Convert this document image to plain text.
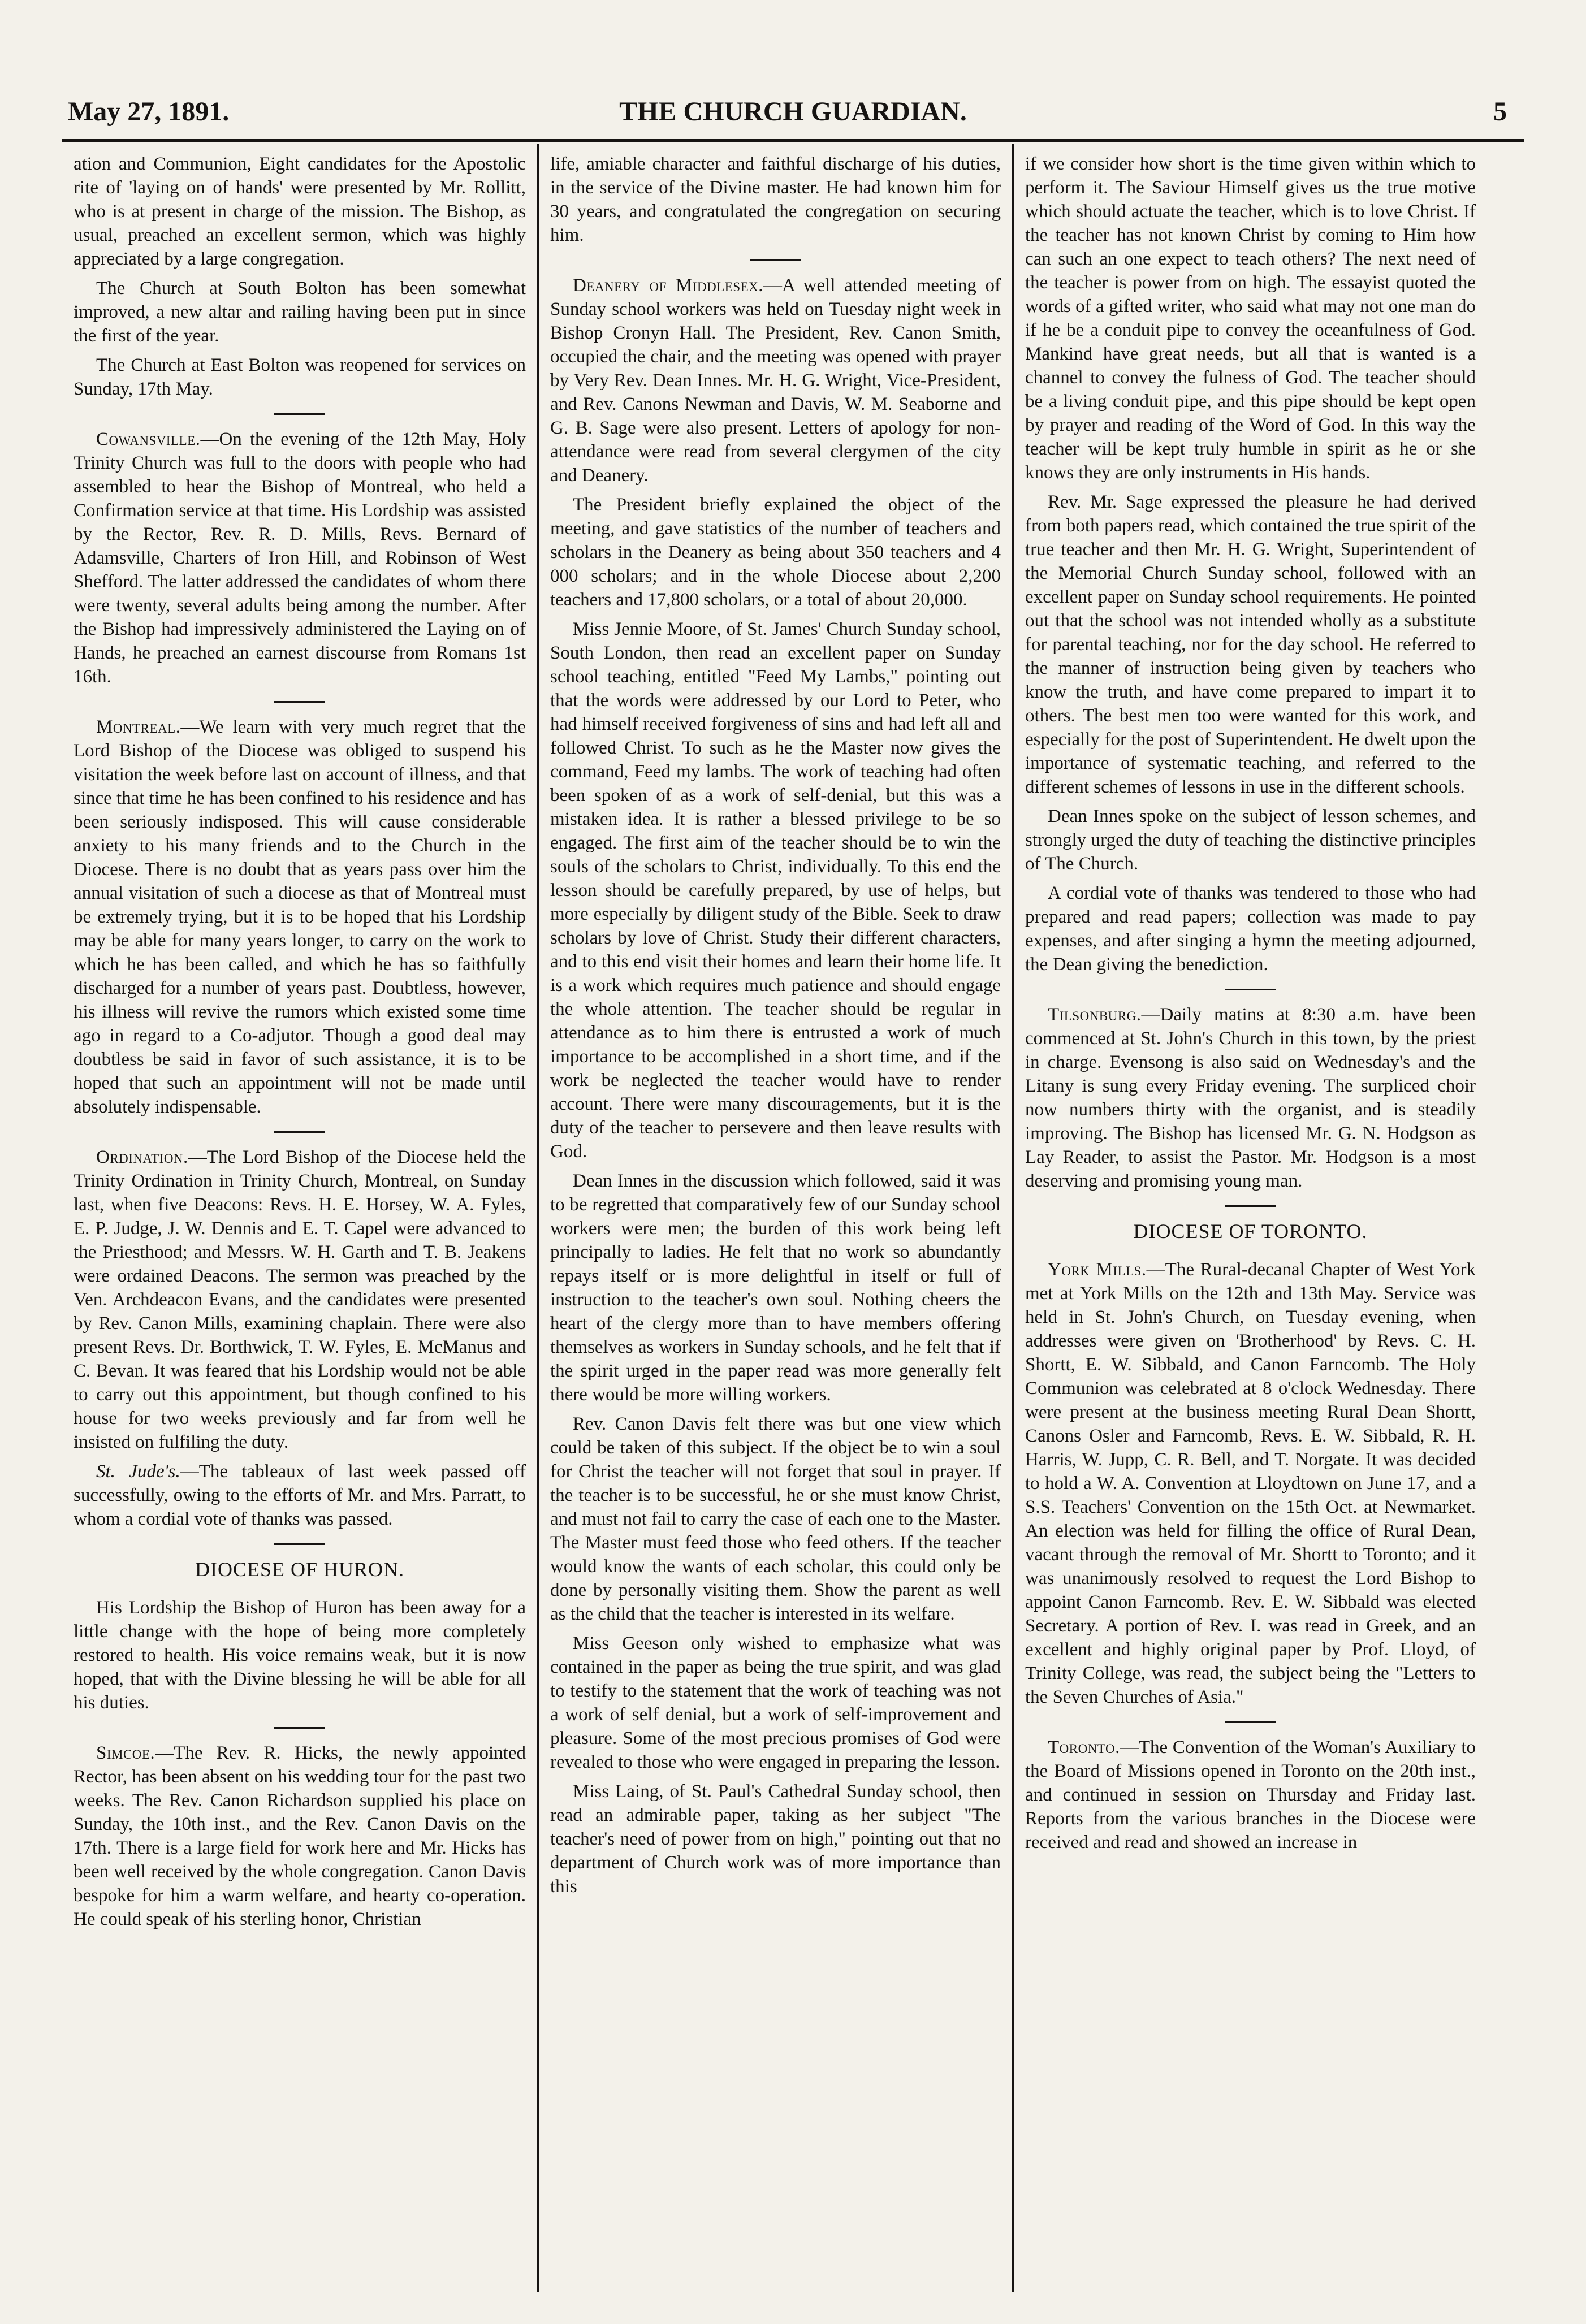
May 27, 1891.	THE CHURCH GUARDIAN.	5

ation and Communion, Eight candidates for the Apostolic rite of 'laying on of hands' were presented by Mr. Rollitt, who is at present in charge of the mission. The Bishop, as usual, preached an excellent sermon, which was highly appreciated by a large congregation.

The Church at South Bolton has been somewhat improved, a new altar and railing having been put in since the first of the year.

The Church at East Bolton was reopened for services on Sunday, 17th May.

Cowansville.—On the evening of the 12th May, Holy Trinity Church was full to the doors with people who had assembled to hear the Bishop of Montreal, who held a Confirmation service at that time. His Lordship was assisted by the Rector, Rev. R. D. Mills, Revs. Bernard of Adamsville, Charters of Iron Hill, and Robinson of West Shefford. The latter addressed the candidates of whom there were twenty, several adults being among the number. After the Bishop had impressively administered the Laying on of Hands, he preached an earnest discourse from Romans 1st 16th.

Montreal.—We learn with very much regret that the Lord Bishop of the Diocese was obliged to suspend his visitation the week before last on account of illness, and that since that time he has been confined to his residence and has been seriously indisposed. This will cause considerable anxiety to his many friends and to the Church in the Diocese. There is no doubt that as years pass over him the annual visitation of such a diocese as that of Montreal must be extremely trying, but it is to be hoped that his Lordship may be able for many years longer, to carry on the work to which he has been called, and which he has so faithfully discharged for a number of years past. Doubtless, however, his illness will revive the rumors which existed some time ago in regard to a Co-adjutor. Though a good deal may doubtless be said in favor of such assistance, it is to be hoped that such an appointment will not be made until absolutely indispensable.

Ordination.—The Lord Bishop of the Diocese held the Trinity Ordination in Trinity Church, Montreal, on Sunday last, when five Deacons: Revs. H. E. Horsey, W. A. Fyles, E. P. Judge, J. W. Dennis and E. T. Capel were advanced to the Priesthood; and Messrs. W. H. Garth and T. B. Jeakens were ordained Deacons. The sermon was preached by the Ven. Archdeacon Evans, and the candidates were presented by Rev. Canon Mills, examining chaplain. There were also present Revs. Dr. Borthwick, T. W. Fyles, E. McManus and C. Bevan. It was feared that his Lordship would not be able to carry out this appointment, but though confined to his house for two weeks previously and far from well he insisted on fulfiling the duty.

St. Jude's.—The tableaux of last week passed off successfully, owing to the efforts of Mr. and Mrs. Parratt, to whom a cordial vote of thanks was passed.

DIOCESE OF HURON.

His Lordship the Bishop of Huron has been away for a little change with the hope of being more completely restored to health. His voice remains weak, but it is now hoped, that with the Divine blessing he will be able for all his duties.

Simcoe.—The Rev. R. Hicks, the newly appointed Rector, has been absent on his wedding tour for the past two weeks. The Rev. Canon Richardson supplied his place on Sunday, the 10th inst., and the Rev. Canon Davis on the 17th. There is a large field for work here and Mr. Hicks has been well received by the whole congregation. Canon Davis bespoke for him a warm welfare, and hearty co-operation. He could speak of his sterling honor, Christian

life, amiable character and faithful discharge of his duties, in the service of the Divine master. He had known him for 30 years, and congratulated the congregation on securing him.

Deanery of Middlesex.—A well attended meeting of Sunday school workers was held on Tuesday night week in Bishop Cronyn Hall. The President, Rev. Canon Smith, occupied the chair, and the meeting was opened with prayer by Very Rev. Dean Innes. Mr. H. G. Wright, Vice-President, and Rev. Canons Newman and Davis, W. M. Seaborne and G. B. Sage were also present. Letters of apology for non-attendance were read from several clergymen of the city and Deanery.

The President briefly explained the object of the meeting, and gave statistics of the number of teachers and scholars in the Deanery as being about 350 teachers and 4 000 scholars; and in the whole Diocese about 2,200 teachers and 17,800 scholars, or a total of about 20,000.

Miss Jennie Moore, of St. James' Church Sunday school, South London, then read an excellent paper on Sunday school teaching, entitled "Feed My Lambs," pointing out that the words were addressed by our Lord to Peter, who had himself received forgiveness of sins and had left all and followed Christ. To such as he the Master now gives the command, Feed my lambs. The work of teaching had often been spoken of as a work of self-denial, but this was a mistaken idea. It is rather a blessed privilege to be so engaged. The first aim of the teacher should be to win the souls of the scholars to Christ, individually. To this end the lesson should be carefully prepared, by use of helps, but more especially by diligent study of the Bible. Seek to draw scholars by love of Christ. Study their different characters, and to this end visit their homes and learn their home life. It is a work which requires much patience and should engage the whole attention. The teacher should be regular in attendance as to him there is entrusted a work of much importance to be accomplished in a short time, and if the work be neglected the teacher would have to render account. There were many discouragements, but it is the duty of the teacher to persevere and then leave results with God.

Dean Innes in the discussion which followed, said it was to be regretted that comparatively few of our Sunday school workers were men; the burden of this work being left principally to ladies. He felt that no work so abundantly repays itself or is more delightful in itself or full of instruction to the teacher's own soul. Nothing cheers the heart of the clergy more than to have members offering themselves as workers in Sunday schools, and he felt that if the spirit urged in the paper read was more generally felt there would be more willing workers.

Rev. Canon Davis felt there was but one view which could be taken of this subject. If the object be to win a soul for Christ the teacher will not forget that soul in prayer. If the teacher is to be successful, he or she must know Christ, and must not fail to carry the case of each one to the Master. The Master must feed those who feed others. If the teacher would know the wants of each scholar, this could only be done by personally visiting them. Show the parent as well as the child that the teacher is interested in its welfare.

Miss Geeson only wished to emphasize what was contained in the paper as being the true spirit, and was glad to testify to the statement that the work of teaching was not a work of self denial, but a work of self-improvement and pleasure. Some of the most precious promises of God were revealed to those who were engaged in preparing the lesson.

Miss Laing, of St. Paul's Cathedral Sunday school, then read an admirable paper, taking as her subject "The teacher's need of power from on high," pointing out that no department of Church work was of more importance than this

if we consider how short is the time given within which to perform it. The Saviour Himself gives us the true motive which should actuate the teacher, which is to love Christ. If the teacher has not known Christ by coming to Him how can such an one expect to teach others? The next need of the teacher is power from on high. The essayist quoted the words of a gifted writer, who said what may not one man do if he be a conduit pipe to convey the oceanfulness of God. Mankind have great needs, but all that is wanted is a channel to convey the fulness of God. The teacher should be a living conduit pipe, and this pipe should be kept open by prayer and reading of the Word of God. In this way the teacher will be kept truly humble in spirit as he or she knows they are only instruments in His hands.

Rev. Mr. Sage expressed the pleasure he had derived from both papers read, which contained the true spirit of the true teacher and then Mr. H. G. Wright, Superintendent of the Memorial Church Sunday school, followed with an excellent paper on Sunday school requirements. He pointed out that the school was not intended wholly as a substitute for parental teaching, nor for the day school. He referred to the manner of instruction being given by teachers who know the truth, and have come prepared to impart it to others. The best men too were wanted for this work, and especially for the post of Superintendent. He dwelt upon the importance of systematic teaching, and referred to the different schemes of lessons in use in the different schools.

Dean Innes spoke on the subject of lesson schemes, and strongly urged the duty of teaching the distinctive principles of The Church.

A cordial vote of thanks was tendered to those who had prepared and read papers; collection was made to pay expenses, and after singing a hymn the meeting adjourned, the Dean giving the benediction.

Tilsonburg.—Daily matins at 8:30 a.m. have been commenced at St. John's Church in this town, by the priest in charge. Evensong is also said on Wednesday's and the Litany is sung every Friday evening. The surpliced choir now numbers thirty with the organist, and is steadily improving. The Bishop has licensed Mr. G. N. Hodgson as Lay Reader, to assist the Pastor. Mr. Hodgson is a most deserving and promising young man.

DIOCESE OF TORONTO.

York Mills.—The Rural-decanal Chapter of West York met at York Mills on the 12th and 13th May. Service was held in St. John's Church, on Tuesday evening, when addresses were given on 'Brotherhood' by Revs. C. H. Shortt, E. W. Sibbald, and Canon Farncomb. The Holy Communion was celebrated at 8 o'clock Wednesday. There were present at the business meeting Rural Dean Shortt, Canons Osler and Farncomb, Revs. E. W. Sibbald, R. H. Harris, W. Jupp, C. R. Bell, and T. Norgate. It was decided to hold a W. A. Convention at Lloydtown on June 17, and a S.S. Teachers' Convention on the 15th Oct. at Newmarket. An election was held for filling the office of Rural Dean, vacant through the removal of Mr. Shortt to Toronto; and it was unanimously resolved to request the Lord Bishop to appoint Canon Farncomb. Rev. E. W. Sibbald was elected Secretary. A portion of Rev. I. was read in Greek, and an excellent and highly original paper by Prof. Lloyd, of Trinity College, was read, the subject being the "Letters to the Seven Churches of Asia."

Toronto.—The Convention of the Woman's Auxiliary to the Board of Missions opened in Toronto on the 20th inst., and continued in session on Thursday and Friday last. Reports from the various branches in the Diocese were received and read and showed an increase in
